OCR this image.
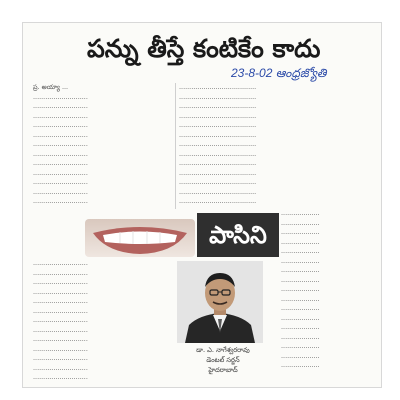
పన్ను తీస్తే కంటికేం కాదు
23-8-02 ఆంధ్రజ్యోతి
ప్ర. అయ్యా ...
...........................
...........................
...........................
...........................
...........................
...........................
...........................
...........................
...........................
...........................
...........................
...........................
......................................
......................................
......................................
......................................
......................................
......................................
......................................
......................................
......................................
......................................
......................................
......................................
......................................
పాసిని
...........................
...........................
...........................
...........................
...........................
...........................
...........................
...........................
...........................
...........................
...........................
...........................
...........................
డా. ఎ. నాగేశ్వరరావు
డెంటల్ సర్జన్
హైదరాబాద్
...................
...................
...................
...................
...................
...................
...................
...................
...................
...................
...................
...................
...................
...................
...................
...................
...................
